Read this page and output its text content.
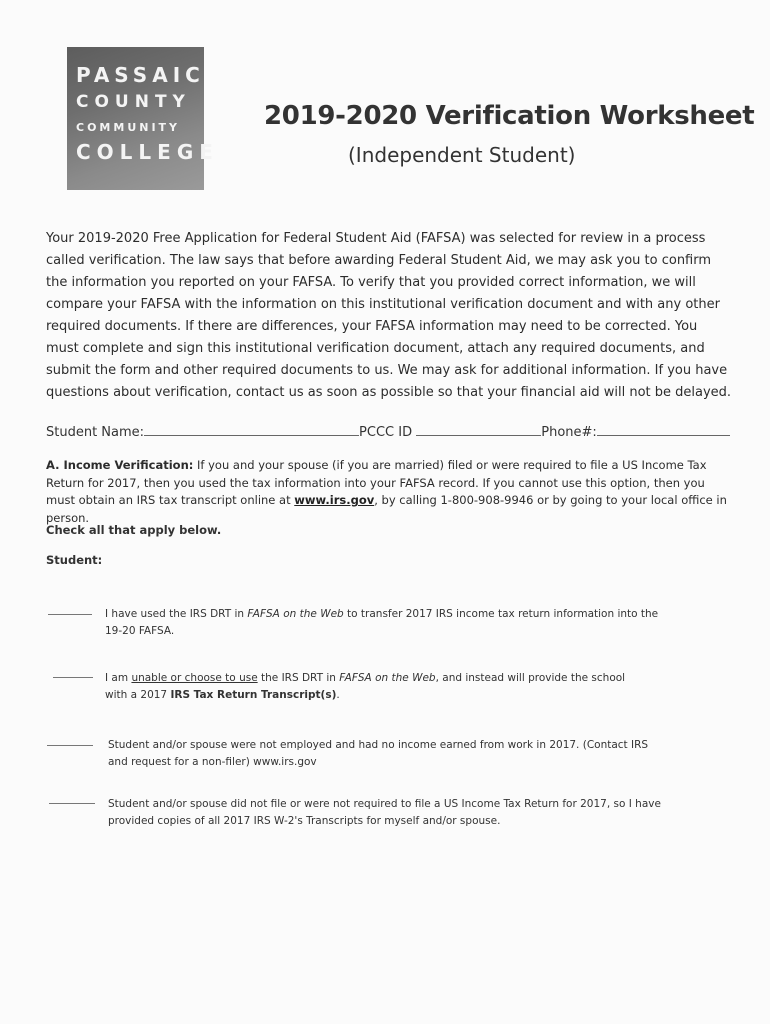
PASSAIC
COUNTY
COMMUNITY
COLLEGE
2019-2020 Verification Worksheet
(Independent Student)
Your 2019-2020 Free Application for Federal Student Aid (FAFSA) was selected for review in a process called verification. The law says that before awarding Federal Student Aid, we may ask you to confirm the information you reported on your FAFSA. To verify that you provided correct information, we will compare your FAFSA with the information on this institutional verification document and with any other required documents. If there are differences, your FAFSA information may need to be corrected. You must complete and sign this institutional verification document, attach any required documents, and submit the form and other required documents to us. We may ask for additional information. If you have questions about verification, contact us as soon as possible so that your financial aid will not be delayed.
Student Name:	PCCC ID	Phone#:
A. Income Verification: If you and your spouse (if you are married) filed or were required to file a US Income Tax Return for 2017, then you used the tax information into your FAFSA record. If you cannot use this option, then you must obtain an IRS tax transcript online at www.irs.gov, by calling 1-800-908-9946 or by going to your local office in person.
Check all that apply below.
Student:
I have used the IRS DRT in FAFSA on the Web to transfer 2017 IRS income tax return information into the
19-20 FAFSA.
I am unable or choose to use the IRS DRT in FAFSA on the Web, and instead will provide the school
with a 2017 IRS Tax Return Transcript(s).
Student and/or spouse were not employed and had no income earned from work in 2017. (Contact IRS
and request for a non-filer) www.irs.gov
Student and/or spouse did not file or were not required to file a US Income Tax Return for 2017, so I have
provided copies of all 2017 IRS W-2's Transcripts for myself and/or spouse.
